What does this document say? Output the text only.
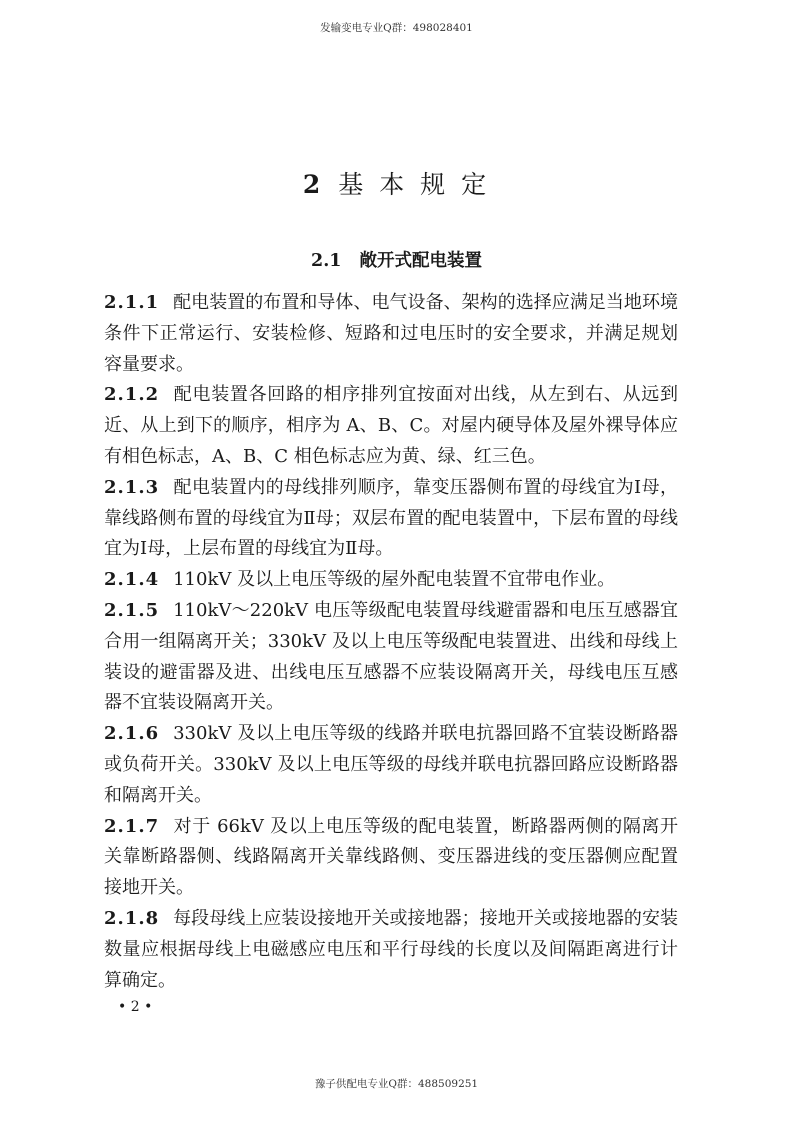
发输变电专业Q群：498028401
2 基 本 规 定
2.1 敞开式配电装置

2.1.1 配电装置的布置和导体、电气设备、架构的选择应满足当地环境条件下正常运行、安装检修、短路和过电压时的安全要求，并满足规划容量要求。

2.1.2 配电装置各回路的相序排列宜按面对出线，从左到右、从远到近、从上到下的顺序，相序为 A、B、C。对屋内硬导体及屋外裸导体应有相色标志，A、B、C 相色标志应为黄、绿、红三色。

2.1.3 配电装置内的母线排列顺序，靠变压器侧布置的母线宜为Ⅰ母，靠线路侧布置的母线宜为Ⅱ母；双层布置的配电装置中，下层布置的母线宜为Ⅰ母，上层布置的母线宜为Ⅱ母。

2.1.4 110kV 及以上电压等级的屋外配电装置不宜带电作业。

2.1.5 110kV～220kV 电压等级配电装置母线避雷器和电压互感器宜合用一组隔离开关；330kV 及以上电压等级配电装置进、出线和母线上装设的避雷器及进、出线电压互感器不应装设隔离开关，母线电压互感器不宜装设隔离开关。

2.1.6 330kV 及以上电压等级的线路并联电抗器回路不宜装设断路器或负荷开关。330kV 及以上电压等级的母线并联电抗器回路应设断路器和隔离开关。

2.1.7 对于 66kV 及以上电压等级的配电装置，断路器两侧的隔离开关靠断路器侧、线路隔离开关靠线路侧、变压器进线的变压器侧应配置接地开关。

2.1.8 每段母线上应装设接地开关或接地器；接地开关或接地器的安装数量应根据母线上电磁感应电压和平行母线的长度以及间隔距离进行计算确定。

• 2 •
豫子供配电专业Q群：488509251
